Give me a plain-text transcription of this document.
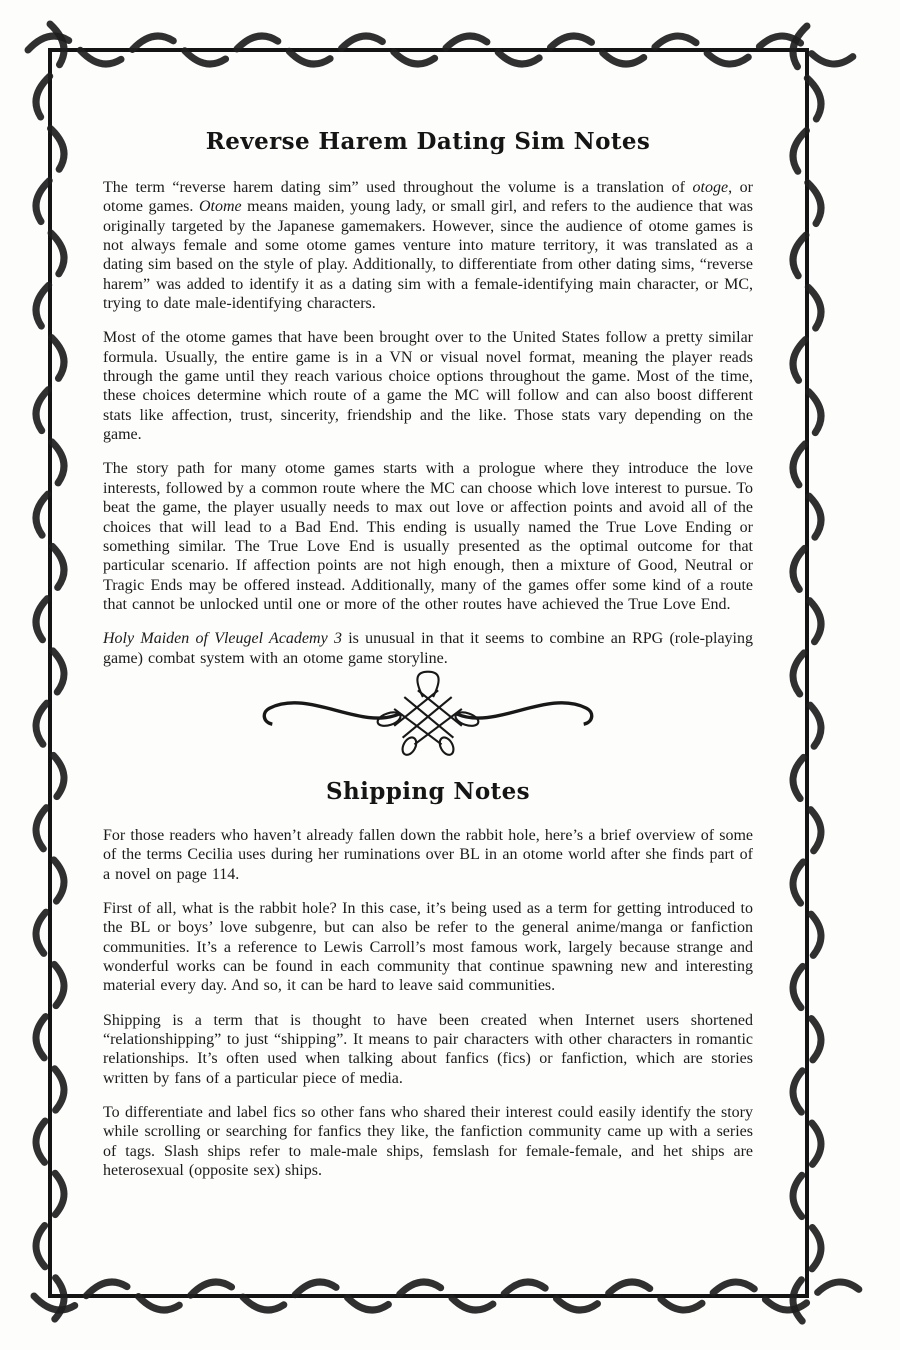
Reverse Harem Dating Sim Notes

The term “reverse harem dating sim” used throughout the volume is a translation of otoge, or otome games. Otome means maiden, young lady, or small girl, and refers to the audience that was originally targeted by the Japanese gamemakers. However, since the audience of otome games is not always female and some otome games venture into mature territory, it was translated as a dating sim based on the style of play. Additionally, to differentiate from other dating sims, “reverse harem” was added to identify it as a dating sim with a female-identifying main character, or MC, trying to date male-identifying characters.

Most of the otome games that have been brought over to the United States follow a pretty similar formula. Usually, the entire game is in a VN or visual novel format, meaning the player reads through the game until they reach various choice options throughout the game. Most of the time, these choices determine which route of a game the MC will follow and can also boost different stats like affection, trust, sincerity, friendship and the like. Those stats vary depending on the game.

The story path for many otome games starts with a prologue where they introduce the love interests, followed by a common route where the MC can choose which love interest to pursue. To beat the game, the player usually needs to max out love or affection points and avoid all of the choices that will lead to a Bad End. This ending is usually named the True Love Ending or something similar. The True Love End is usually presented as the optimal outcome for that particular scenario. If affection points are not high enough, then a mixture of Good, Neutral or Tragic Ends may be offered instead. Additionally, many of the games offer some kind of a route that cannot be unlocked until one or more of the other routes have achieved the True Love End.

Holy Maiden of Vleugel Academy 3 is unusual in that it seems to combine an RPG (role-playing game) combat system with an otome game storyline.

Shipping Notes

For those readers who haven’t already fallen down the rabbit hole, here’s a brief overview of some of the terms Cecilia uses during her ruminations over BL in an otome world after she finds part of a novel on page 114.

First of all, what is the rabbit hole? In this case, it’s being used as a term for getting introduced to the BL or boys’ love subgenre, but can also be refer to the general anime/manga or fanfiction communities. It’s a reference to Lewis Carroll’s most famous work, largely because strange and wonderful works can be found in each community that continue spawning new and interesting material every day. And so, it can be hard to leave said communities.

Shipping is a term that is thought to have been created when Internet users shortened “relationshipping” to just “shipping”. It means to pair characters with other characters in romantic relationships. It’s often used when talking about fanfics (fics) or fanfiction, which are stories written by fans of a particular piece of media.

To differentiate and label fics so other fans who shared their interest could easily identify the story while scrolling or searching for fanfics they like, the fanfiction community came up with a series of tags. Slash ships refer to male-male ships, femslash for female-female, and het ships are heterosexual (opposite sex) ships.
